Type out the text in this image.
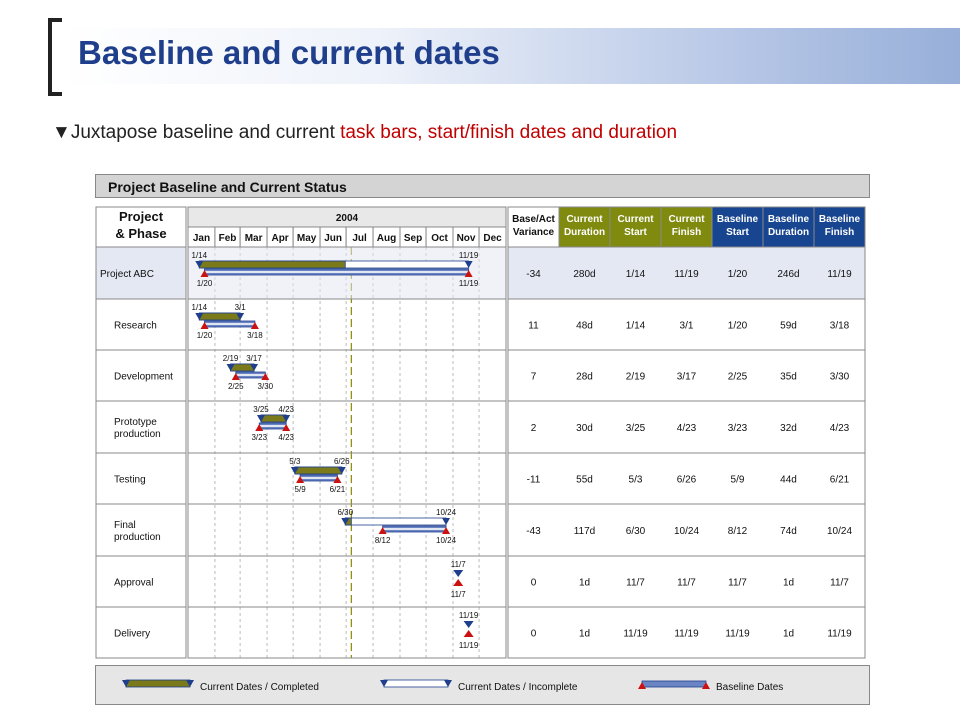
Baseline and current dates
▼Juxtapose baseline and current task bars, start/finish dates and duration
Project Baseline and Current Status
Project & Phase
2004
Jan Feb Mar Apr May Jun Jul Aug Sep Oct Nov Dec
Base/Act Variance
Current Duration
Current Start
Current Finish
Baseline Start
Baseline Duration
Baseline Finish
Project ABC	-34	280d	1/14	11/19	1/20	246d	11/19
1/14	11/19
1/20	11/19
Research	11	48d	1/14	3/1	1/20	59d	3/18
1/14	3/1
1/20	3/18
Development	7	28d	2/19	3/17	2/25	35d	3/30
2/19 3/17
2/25 3/30
Prototype production
2	30d	3/25	4/23	3/23	32d	4/23
3/25 4/23
3/23 4/23
Testing	-11	55d	5/3	6/26	5/9	44d	6/21
5/3	6/26
5/9	6/21
Final production
-43	117d	6/30	10/24	8/12	74d	10/24
6/30	10/24
8/12	10/24
Approval	0	1d	11/7	11/7	11/7	1d	11/7
11/7
11/7
Delivery	0	1d	11/19	11/19	11/19	1d	11/19
11/19
11/19
Current Dates / Completed	Current Dates / Incomplete	Baseline Dates
